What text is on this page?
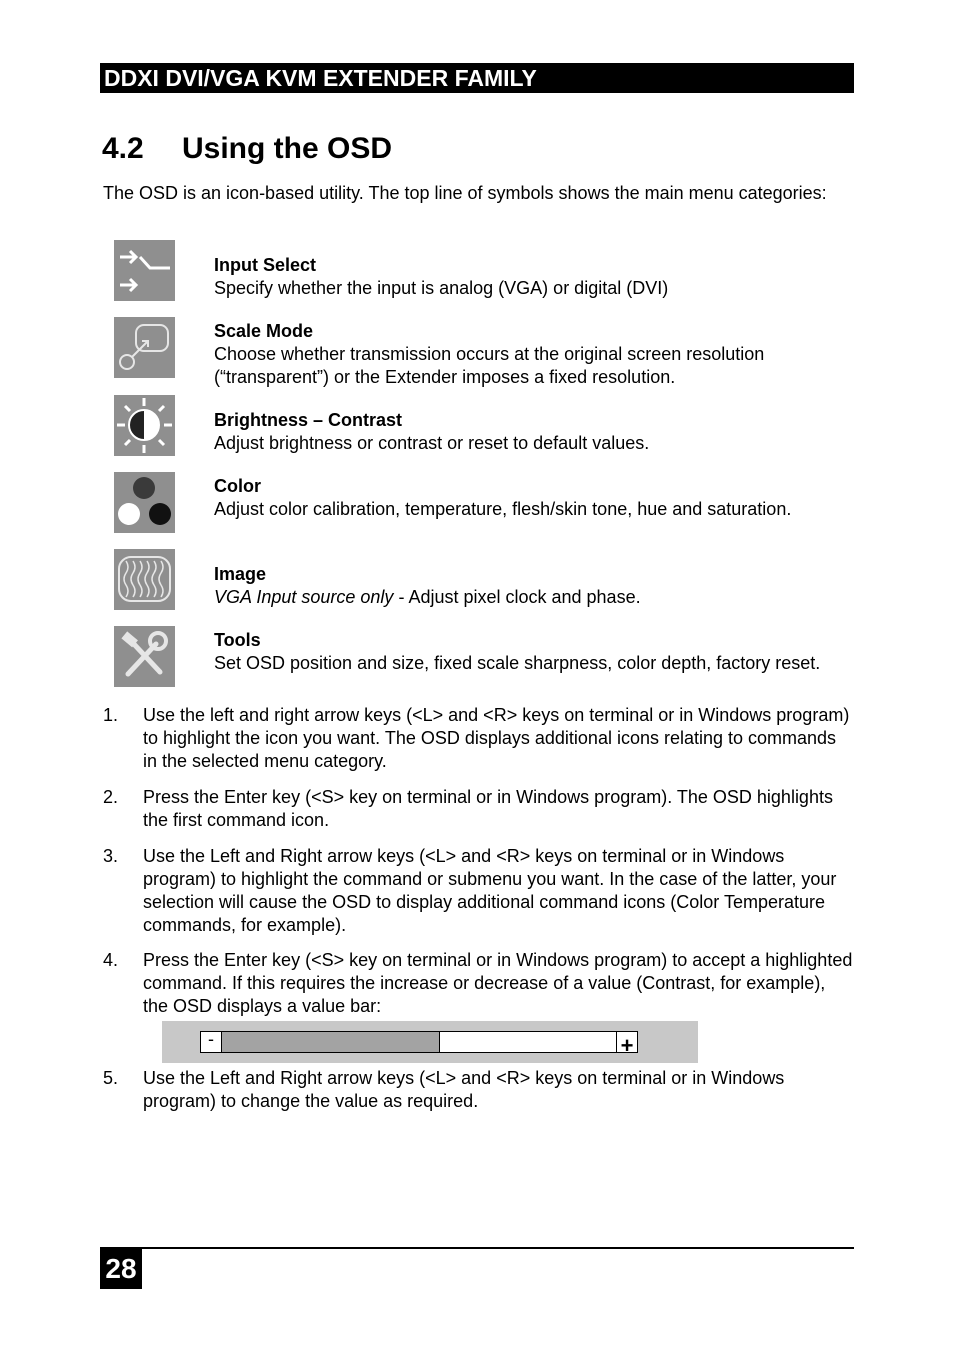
DDXI DVI/VGA KVM EXTENDER FAMILY
4.2 Using the OSD
The OSD is an icon-based utility. The top line of symbols shows the main menu categories:
Input Select
Specify whether the input is analog (VGA) or digital (DVI)
Scale Mode
Choose whether transmission occurs at the original screen resolution (“transparent”) or the Extender imposes a fixed resolution.
Brightness – Contrast
Adjust brightness or contrast or reset to default values.
Color
Adjust color calibration, temperature, flesh/skin tone, hue and saturation.
Image
VGA Input source only - Adjust pixel clock and phase.
Tools
Set OSD position and size, fixed scale sharpness, color depth, factory reset.
1. Use the left and right arrow keys (<L> and <R> keys on terminal or in Windows program) to highlight the icon you want. The OSD displays additional icons relating to commands in the selected menu category.
2. Press the Enter key (<S> key on terminal or in Windows program). The OSD highlights the first command icon.
3. Use the Left and Right arrow keys (<L> and <R> keys on terminal or in Windows program) to highlight the command or submenu you want. In the case of the latter, your selection will cause the OSD to display additional command icons (Color Temperature commands, for example).
4. Press the Enter key (<S> key on terminal or in Windows program) to accept a highlighted command. If this requires the increase or decrease of a value (Contrast, for example), the OSD displays a value bar:
5. Use the Left and Right arrow keys (<L> and <R> keys on terminal or in Windows program) to change the value as required.
-	+
28
